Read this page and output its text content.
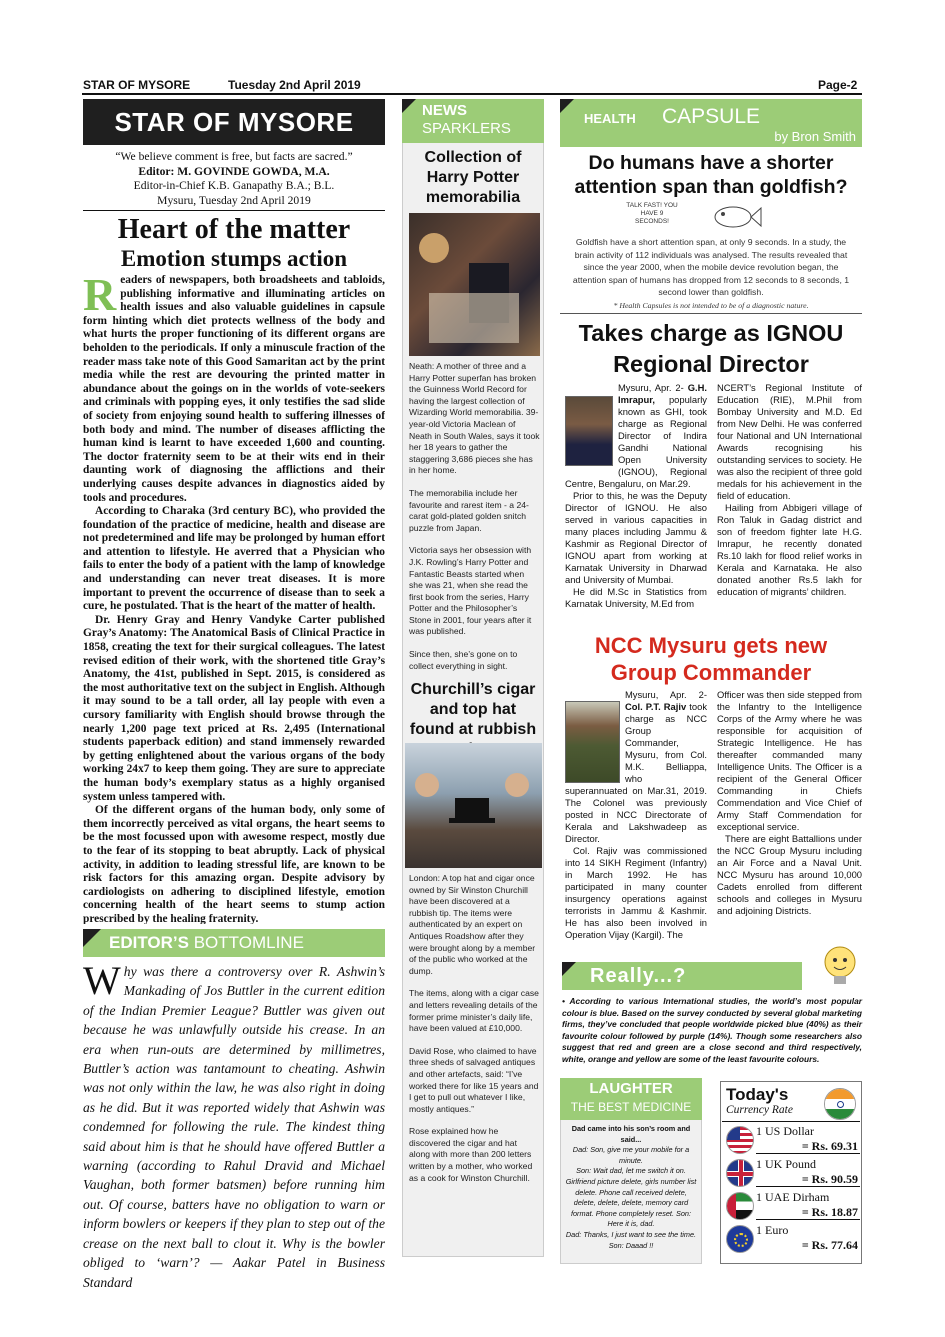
STAR OF MYSORE	Tuesday 2nd April 2019	Page-2
STAR OF MYSORE
“We believe comment is free, but facts are sacred.”
Editor: M. GOVINDE GOWDA, M.A.
Editor-in-Chief K.B. Ganapathy B.A.; B.L.
Mysuru, Tuesday 2nd April 2019
Heart of the matter
Emotion stumps action

Readers of newspapers, both broadsheets and tabloids, publishing informative and illuminating articles on health issues and also valuable guidelines in capsule form hinting which diet protects wellness of the body and what hurts the proper functioning of its different organs are beholden to the periodicals. If only a minuscule fraction of the reader mass take note of this Good Samaritan act by the print media while the rest are devouring the printed matter in abundance about the goings on in the worlds of vote-seekers and criminals with popping eyes, it only testifies the sad slide of society from enjoying sound health to suffering illnesses of both body and mind. The number of diseases afflicting the human kind is learnt to have exceeded 1,600 and counting. The doctor fraternity seem to be at their wits end in their daunting work of diagnosing the afflictions and their underlying causes despite advances in diagnostics aided by tools and procedures.

According to Charaka (3rd century BC), who provided the foundation of the practice of medicine, health and disease are not predetermined and life may be prolonged by human effort and attention to lifestyle. He averred that a Physician who fails to enter the body of a patient with the lamp of knowledge and understanding can never treat diseases. It is more important to prevent the occurrence of disease than to seek a cure, he postulated. That is the heart of the matter of health.

Dr. Henry Gray and Henry Vandyke Carter published Gray’s Anatomy: The Anatomical Basis of Clinical Practice in 1858, creating the text for their surgical colleagues. The latest revised edition of their work, with the shortened title Gray’s Anatomy, the 41st, published in Sept. 2015, is considered as the most authoritative text on the subject in English. Although it may sound to be a tall order, all lay people with even a cursory familiarity with English should browse through the nearly 1,200 page text priced at Rs. 2,495 (International students paperback edition) and stand immensely rewarded by getting enlightened about the various organs of the body working 24x7 to keep them going. They are sure to appreciate the human body’s exemplary status as a highly organised system unless tampered with.

Of the different organs of the human body, only some of them incorrectly perceived as vital organs, the heart seems to be the most focussed upon with awesome respect, mostly due to the fear of its stopping to beat abruptly. Lack of physical activity, in addition to leading stressful life, are known to be risk factors for this amazing organ. Despite advisory by cardiologists on adhering to disciplined lifestyle, emotion concerning health of the heart seems to stump action prescribed by the healing fraternity.

EDITOR’S BOTTOMLINE

Why was there a controversy over R. Ashwin’s Mankading of Jos Buttler in the current edition of the Indian Premier League? Buttler was given out because he was unlawfully outside his crease. In an era when run-outs are determined by millimetres, Buttler’s action was tantamount to cheating. Ashwin was not only within the law, he was also right in doing as he did. But it was reported widely that Ashwin was condemned for following the rule. The kindest thing said about him is that he should have offered Buttler a warning (according to Rahul Dravid and Michael Vaughan, both former batsmen) before running him out. Of course, batters have no obligation to warn or inform bowlers or keepers if they plan to step out of the crease on the next ball to clout it. Why is the bowler obliged to ‘warn’? — Aakar Patel in Business Standard

NEWS
SPARKLERS
Collection of Harry Potter memorabilia

Neath: A mother of three and a Harry Potter superfan has broken the Guinness World Record for having the largest collection of Wizarding World memorabilia. 39-year-old Victoria Maclean of Neath in South Wales, says it took her 18 years to gather the staggering 3,686 pieces she has in her home.

The memorabilia include her favourite and rarest item - a 24-carat gold-plated golden snitch puzzle from Japan.

Victoria says her obsession with J.K. Rowling’s Harry Potter and Fantastic Beasts started when she was 21, when she read the first book from the series, Harry Potter and the Philosopher’s Stone in 2001, four years after it was published.

Since then, she’s gone on to collect everything in sight.

Churchill’s cigar and top hat found at rubbish

London: A top hat and cigar once owned by Sir Winston Churchill have been discovered at a rubbish tip. The items were authenticated by an expert on Antiques Roadshow after they were brought along by a member of the public who worked at the dump.

The items, along with a cigar case and letters revealing details of the former prime minister’s daily life, have been valued at £10,000.

David Rose, who claimed to have three sheds of salvaged antiques and other artefacts, said: “I’ve worked there for like 15 years and I get to pull out whatever I like, mostly antiques.”

Rose explained how he discovered the cigar and hat along with more than 200 letters written by a mother, who worked as a cook for Winston Churchill.

HEALTH CAPSULE
by Bron Smith
Do humans have a shorter attention span than goldfish?
TALK FAST! YOU HAVE 9 SECONDS!
Goldfish have a short attention span, at only 9 seconds. In a study, the brain activity of 112 individuals was analysed. The results revealed that since the year 2000, when the mobile device revolution began, the attention span of humans has dropped from 12 seconds to 8 seconds, 1 second lower than goldfish.
* Health Capsules is not intended to be of a diagnostic nature.
Takes charge as IGNOU Regional Director

Mysuru, Apr. 2- G.H. Imrapur, popularly known as GHI, took charge as Regional Director of Indira Gandhi National Open University (IGNOU), Regional Centre, Bengaluru, on Mar.29.

Prior to this, he was the Deputy Director of IGNOU. He also served in various capacities in many places including Jammu & Kashmir as Regional Director of IGNOU apart from working at Karnatak University in Dharwad and University of Mumbai.

He did M.Sc in Statistics from Karnatak University, M.Ed from

NCERT’s Regional Institute of Education (RIE), M.Phil from Bombay University and M.D. Ed from New Delhi. He was conferred four National and UN International Awards recognising his outstanding services to society. He was also the recipient of three gold medals for his achievement in the field of education.

Hailing from Abbigeri village of Ron Taluk in Gadag district and son of freedom fighter late H.G. Imrapur, he recently donated Rs.10 lakh for flood relief works in Kerala and Karnataka. He also donated another Rs.5 lakh for education of migrants’ children.

NCC Mysuru gets new Group Commander

Mysuru, Apr. 2- Col. P.T. Rajiv took charge as NCC Group Commander, Mysuru, from Col. M.K. Belliappa, who superannuated on Mar.31, 2019. The Colonel was previously posted in NCC Directorate of Kerala and Lakshwadeep as Director.

Col. Rajiv was commissioned into 14 SIKH Regiment (Infantry) in March 1992. He has participated in many counter insurgency operations against terrorists in Jammu & Kashmir. He has also been involved in Operation Vijay (Kargil). The

Officer was then side stepped from the Infantry to the Intelligence Corps of the Army where he was responsible for acquisition of Strategic Intelligence. He has thereafter commanded many Intelligence Units. The Officer is a recipient of the General Officer Commanding in Chiefs Commendation and Vice Chief of Army Staff Commendation for exceptional service.

There are eight Battallions under the NCC Group Mysuru including an Air Force and a Naval Unit. NCC Mysuru has around 10,000 Cadets enrolled from different schools and colleges in Mysuru and adjoining Districts.

Really...?
• According to various International studies, the world’s most popular colour is blue. Based on the survey conducted by several global marketing firms, they’ve concluded that people worldwide picked blue (40%) as their favourite colour followed by purple (14%). Though some researchers also suggest that red and green are a close second and third respectively, white, orange and yellow are some of the least favourite colours.
LAUGHTER
THE BEST MEDICINE
Dad came into his son’s room and said...
Dad: Son, give me your mobile for a minute.
Son: Wait dad, let me switch it on. Girlfriend picture delete, girls number list delete. Phone call received delete, delete, delete, delete, memory card format. Phone completely reset. Son: Here it is, dad.
Dad: Thanks, I just want to see the time. Son: Daaad !!
Today's
Currency Rate
1 US Dollar
= Rs. 69.31
1 UK Pound
= Rs. 90.59
1 UAE Dirham
= Rs. 18.87
1 Euro
= Rs. 77.64
